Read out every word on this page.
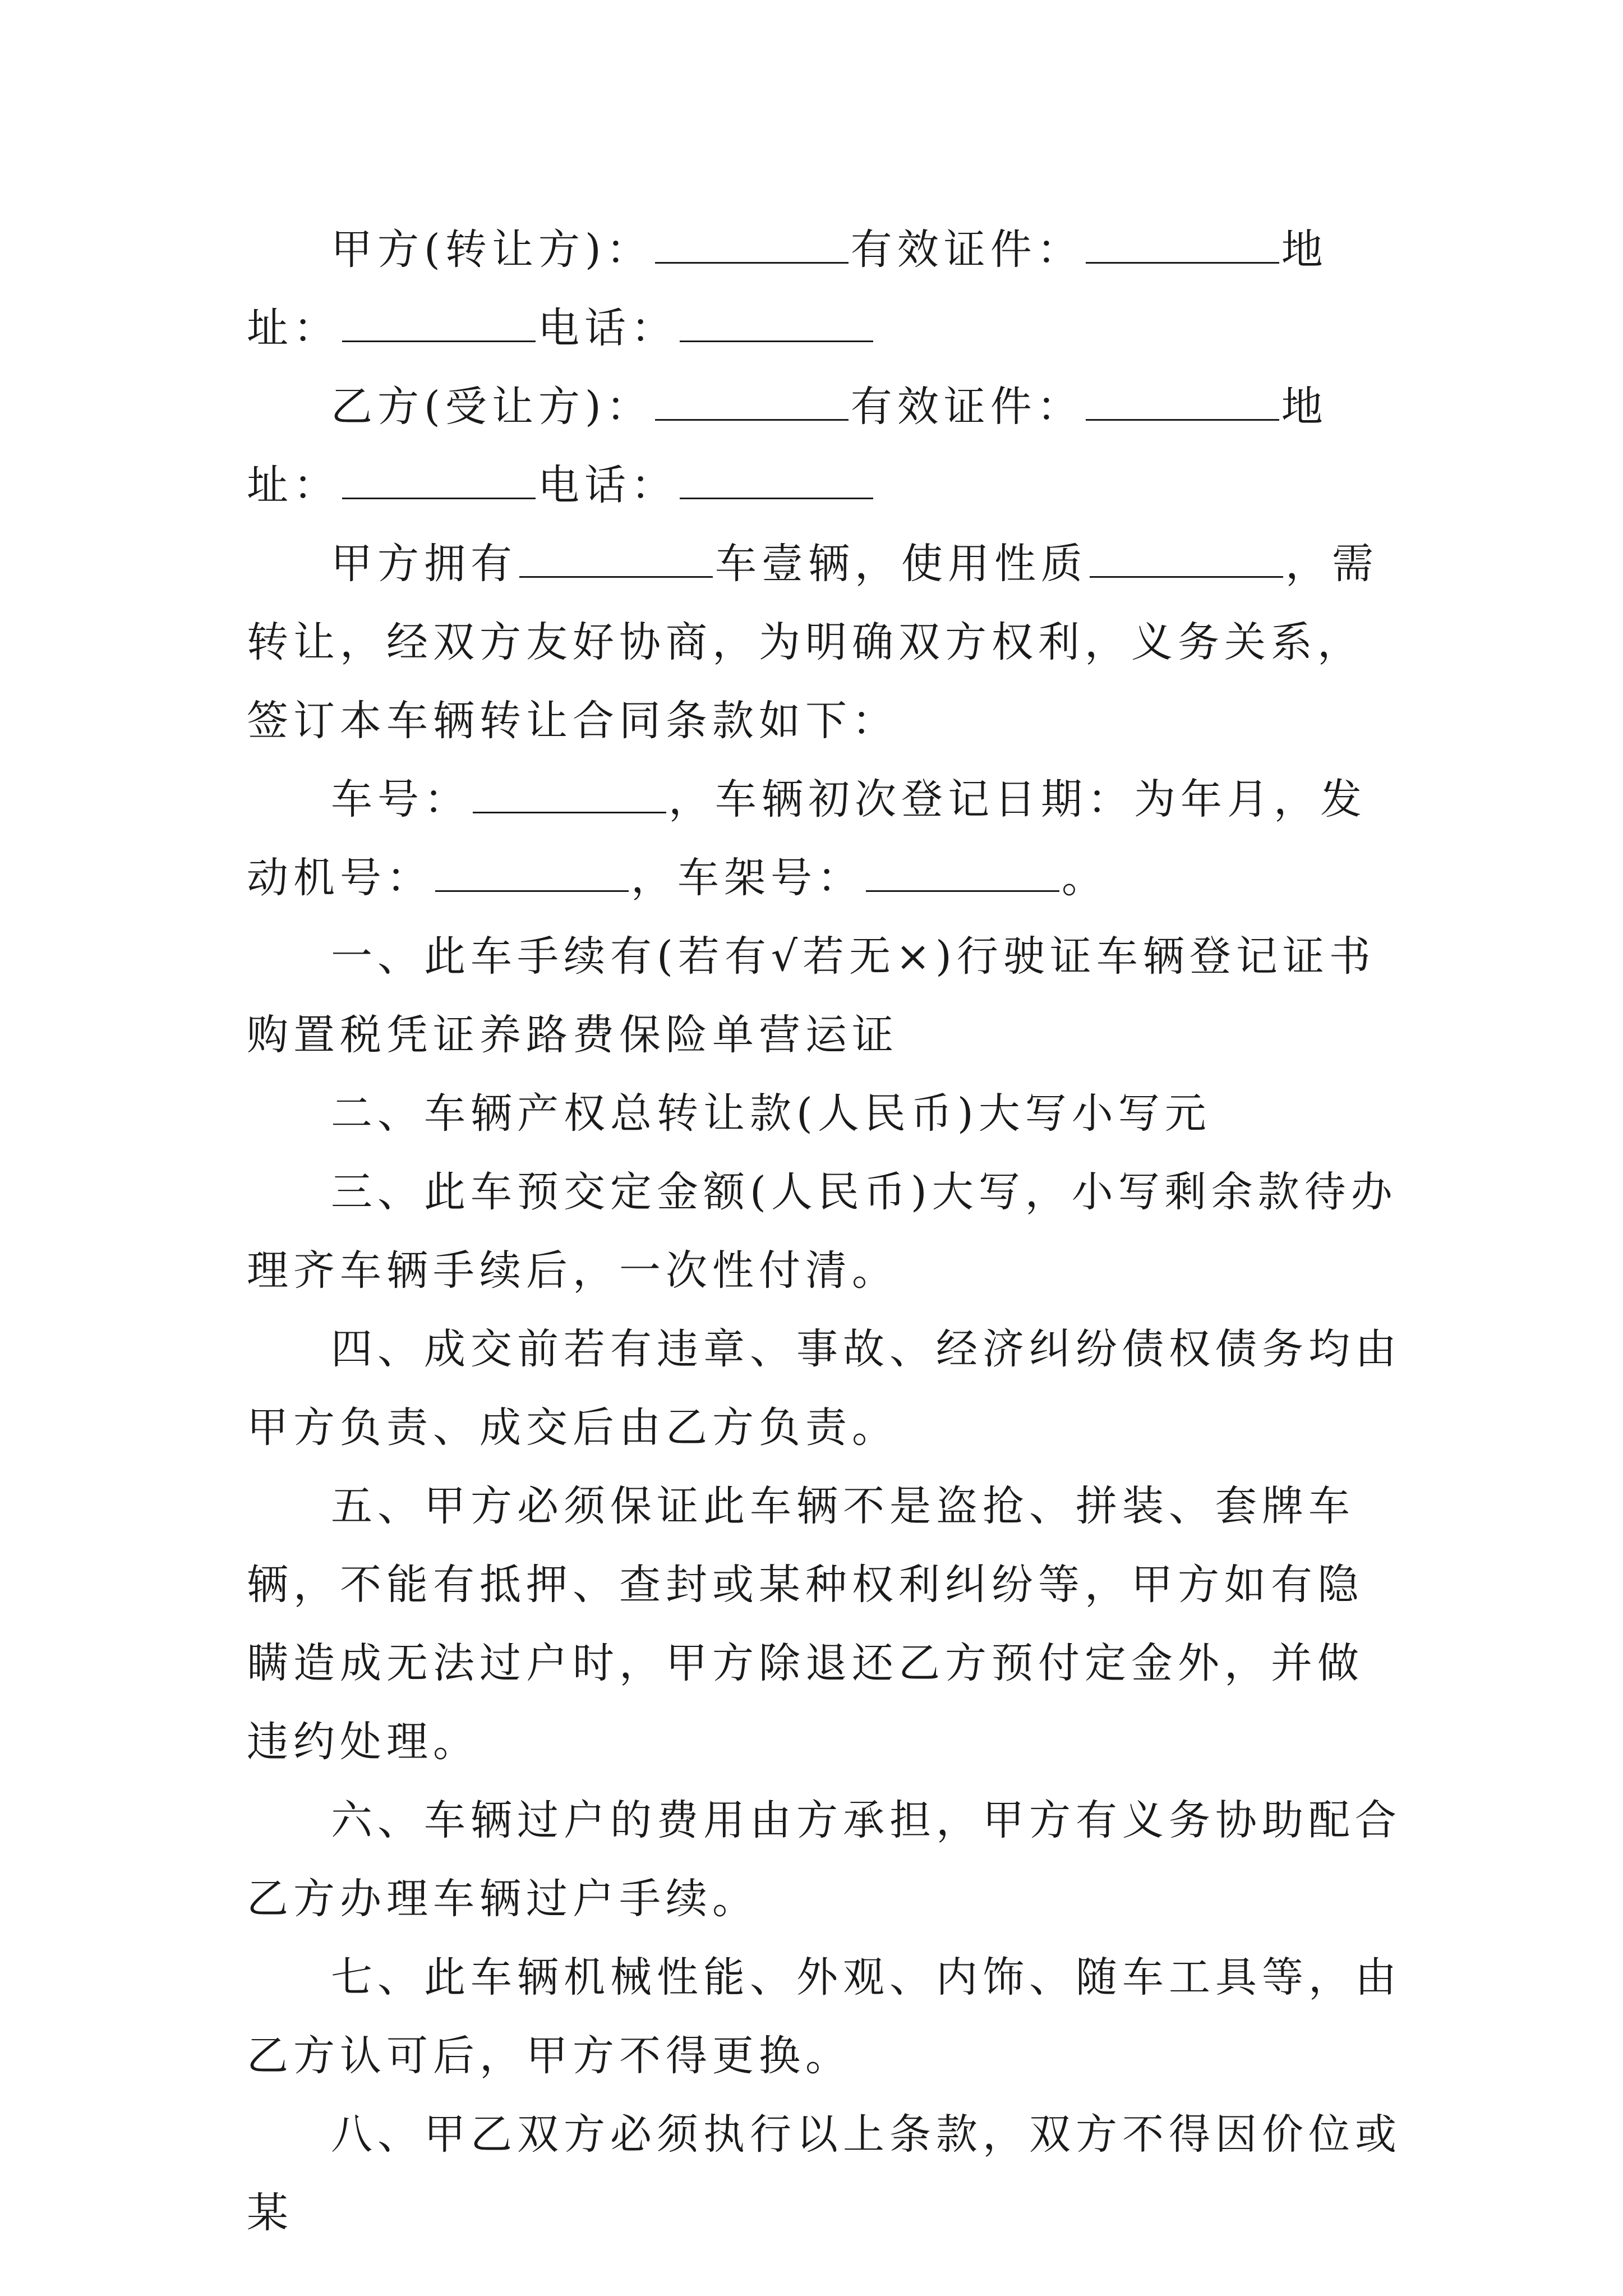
甲方(转让方)：	有效证件：	地址：	电话：

乙方(受让方)：	有效证件：	地址：	电话：

甲方拥有	车壹辆，使用性质	，需转让，经双方友好协商，为明确双方权利，义务关系，签订本车辆转让合同条款如下：

车号：	，车辆初次登记日期：为年月，发动机号：	，车架号：	。

一、此车手续有(若有√若无×)行驶证车辆登记证书购置税凭证养路费保险单营运证

二、车辆产权总转让款(人民币)大写小写元

三、此车预交定金额(人民币)大写，小写剩余款待办理齐车辆手续后，一次性付清。

四、成交前若有违章、事故、经济纠纷债权债务均由甲方负责、成交后由乙方负责。

五、甲方必须保证此车辆不是盗抢、拼装、套牌车辆，不能有抵押、查封或某种权利纠纷等，甲方如有隐瞒造成无法过户时，甲方除退还乙方预付定金外，并做违约处理。

六、车辆过户的费用由方承担，甲方有义务协助配合乙方办理车辆过户手续。

七、此车辆机械性能、外观、内饰、随车工具等，由乙方认可后，甲方不得更换。

八、甲乙双方必须执行以上条款，双方不得因价位或某
